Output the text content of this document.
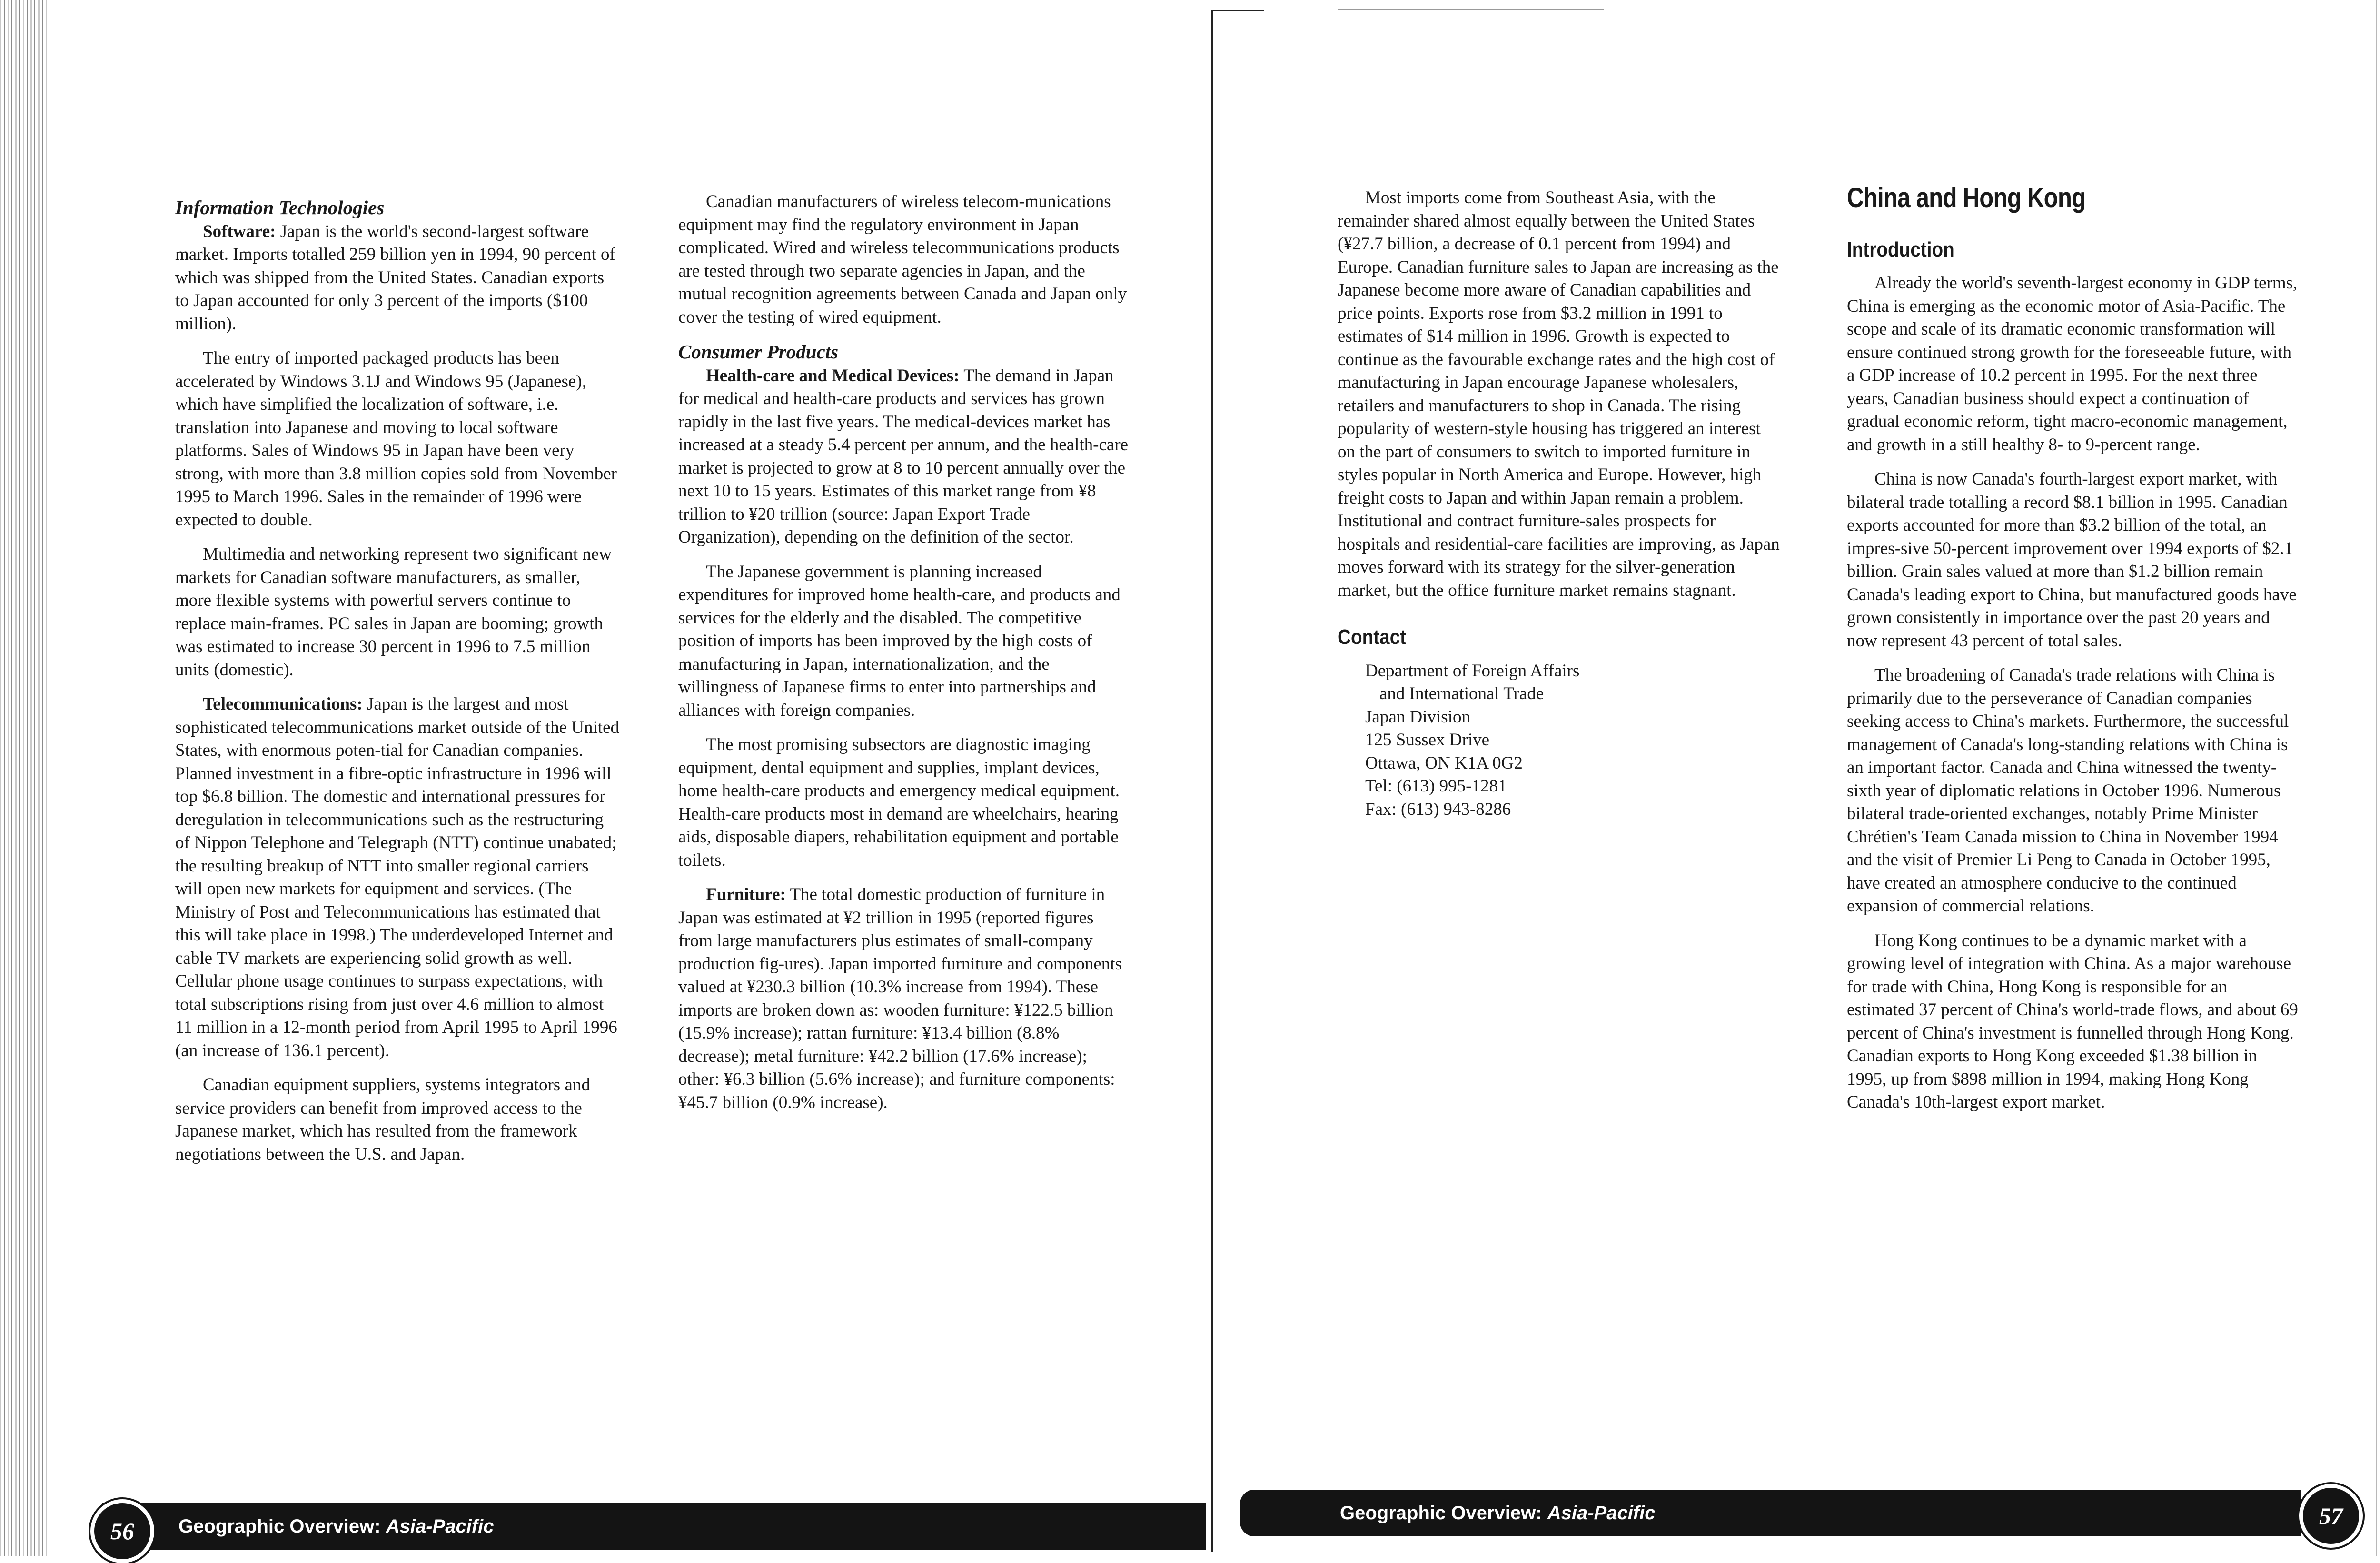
Information Technologies

Software: Japan is the world's second-largest software market. Imports totalled 259 billion yen in 1994, 90 percent of which was shipped from the United States. Canadian exports to Japan accounted for only 3 percent of the imports ($100 million).

The entry of imported packaged products has been accelerated by Windows 3.1J and Windows 95 (Japanese), which have simplified the localization of software, i.e. translation into Japanese and moving to local software platforms. Sales of Windows 95 in Japan have been very strong, with more than 3.8 million copies sold from November 1995 to March 1996. Sales in the remainder of 1996 were expected to double.

Multimedia and networking represent two significant new markets for Canadian software manufacturers, as smaller, more flexible systems with powerful servers continue to replace main-frames. PC sales in Japan are booming; growth was estimated to increase 30 percent in 1996 to 7.5 million units (domestic).

Telecommunications: Japan is the largest and most sophisticated telecommunications market outside of the United States, with enormous poten-tial for Canadian companies. Planned investment in a fibre-optic infrastructure in 1996 will top $6.8 billion. The domestic and international pressures for deregulation in telecommunications such as the restructuring of Nippon Telephone and Telegraph (NTT) continue unabated; the resulting breakup of NTT into smaller regional carriers will open new markets for equipment and services. (The Ministry of Post and Telecommunications has estimated that this will take place in 1998.) The underdeveloped Internet and cable TV markets are experiencing solid growth as well. Cellular phone usage continues to surpass expectations, with total subscriptions rising from just over 4.6 million to almost 11 million in a 12-month period from April 1995 to April 1996 (an increase of 136.1 percent).

Canadian equipment suppliers, systems integrators and service providers can benefit from improved access to the Japanese market, which has resulted from the framework negotiations between the U.S. and Japan.

Canadian manufacturers of wireless telecom-munications equipment may find the regulatory environment in Japan complicated. Wired and wireless telecommunications products are tested through two separate agencies in Japan, and the mutual recognition agreements between Canada and Japan only cover the testing of wired equipment.

Consumer Products

Health-care and Medical Devices: The demand in Japan for medical and health-care products and services has grown rapidly in the last five years. The medical-devices market has increased at a steady 5.4 percent per annum, and the health-care market is projected to grow at 8 to 10 percent annually over the next 10 to 15 years. Estimates of this market range from ¥8 trillion to ¥20 trillion (source: Japan Export Trade Organization), depending on the definition of the sector.

The Japanese government is planning increased expenditures for improved home health-care, and products and services for the elderly and the disabled. The competitive position of imports has been improved by the high costs of manufacturing in Japan, internationalization, and the willingness of Japanese firms to enter into partnerships and alliances with foreign companies.

The most promising subsectors are diagnostic imaging equipment, dental equipment and supplies, implant devices, home health-care products and emergency medical equipment. Health-care products most in demand are wheelchairs, hearing aids, disposable diapers, rehabilitation equipment and portable toilets.

Furniture: The total domestic production of furniture in Japan was estimated at ¥2 trillion in 1995 (reported figures from large manufacturers plus estimates of small-company production fig-ures). Japan imported furniture and components valued at ¥230.3 billion (10.3% increase from 1994). These imports are broken down as: wooden furniture: ¥122.5 billion (15.9% increase); rattan furniture: ¥13.4 billion (8.8% decrease); metal furniture: ¥42.2 billion (17.6% increase); other: ¥6.3 billion (5.6% increase); and furniture components: ¥45.7 billion (0.9% increase).

Most imports come from Southeast Asia, with the remainder shared almost equally between the United States (¥27.7 billion, a decrease of 0.1 percent from 1994) and Europe. Canadian furniture sales to Japan are increasing as the Japanese become more aware of Canadian capabilities and price points. Exports rose from $3.2 million in 1991 to estimates of $14 million in 1996. Growth is expected to continue as the favourable exchange rates and the high cost of manufacturing in Japan encourage Japanese wholesalers, retailers and manufacturers to shop in Canada. The rising popularity of western-style housing has triggered an interest on the part of consumers to switch to imported furniture in styles popular in North America and Europe. However, high freight costs to Japan and within Japan remain a problem. Institutional and contract furniture-sales prospects for hospitals and residential-care facilities are improving, as Japan moves forward with its strategy for the silver-generation market, but the office furniture market remains stagnant.

Contact
Department of Foreign Affairs
and International Trade
Japan Division
125 Sussex Drive
Ottawa, ON K1A 0G2
Tel: (613) 995-1281
Fax: (613) 943-8286
China and Hong Kong
Introduction

Already the world's seventh-largest economy in GDP terms, China is emerging as the economic motor of Asia-Pacific. The scope and scale of its dramatic economic transformation will ensure continued strong growth for the foreseeable future, with a GDP increase of 10.2 percent in 1995. For the next three years, Canadian business should expect a continuation of gradual economic reform, tight macro-economic management, and growth in a still healthy 8- to 9-percent range.

China is now Canada's fourth-largest export market, with bilateral trade totalling a record $8.1 billion in 1995. Canadian exports accounted for more than $3.2 billion of the total, an impres-sive 50-percent improvement over 1994 exports of $2.1 billion. Grain sales valued at more than $1.2 billion remain Canada's leading export to China, but manufactured goods have grown consistently in importance over the past 20 years and now represent 43 percent of total sales.

The broadening of Canada's trade relations with China is primarily due to the perseverance of Canadian companies seeking access to China's markets. Furthermore, the successful management of Canada's long-standing relations with China is an important factor. Canada and China witnessed the twenty-sixth year of diplomatic relations in October 1996. Numerous bilateral trade-oriented exchanges, notably Prime Minister Chrétien's Team Canada mission to China in November 1994 and the visit of Premier Li Peng to Canada in October 1995, have created an atmosphere conducive to the continued expansion of commercial relations.

Hong Kong continues to be a dynamic market with a growing level of integration with China. As a major warehouse for trade with China, Hong Kong is responsible for an estimated 37 percent of China's world-trade flows, and about 69 percent of China's investment is funnelled through Hong Kong. Canadian exports to Hong Kong exceeded $1.38 billion in 1995, up from $898 million in 1994, making Hong Kong Canada's 10th-largest export market.

Geographic Overview: Asia-Pacific
56
Geographic Overview: Asia-Pacific	57
